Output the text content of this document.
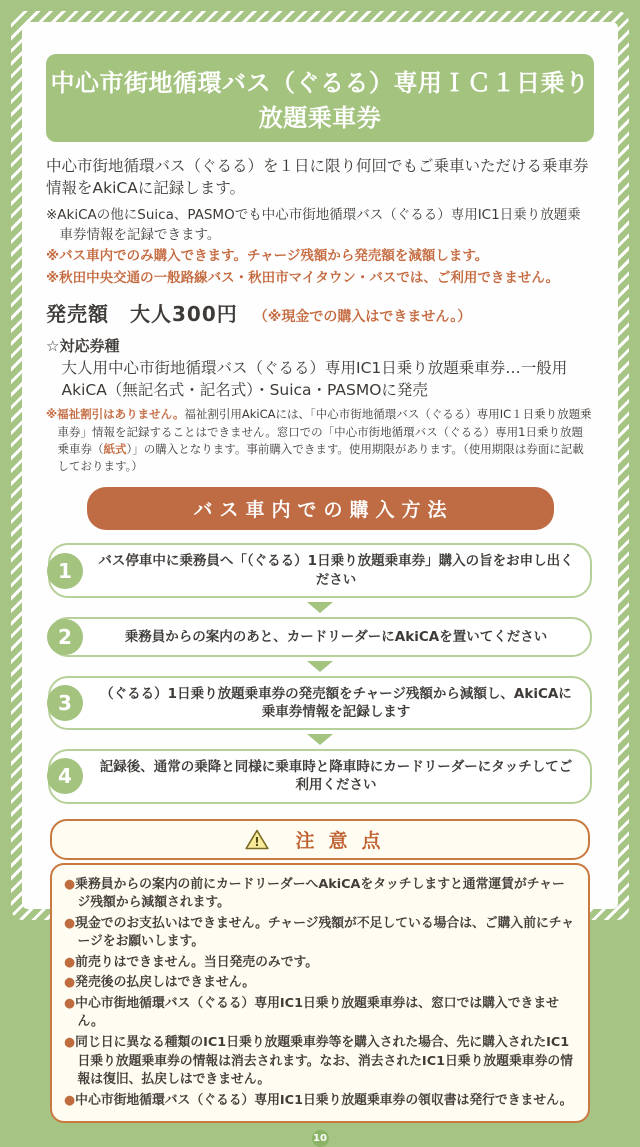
中心市街地循環バス（ぐるる）専用ＩＣ１日乗り放題乗車券

中心市街地循環バス（ぐるる）を１日に限り何回でもご乗車いただける乗車券情報をAkiCAに記録します。

※AkiCAの他にSuica、PASMOでも中心市街地循環バス（ぐるる）専用IC1日乗り放題乗車券情報を記録できます。

※バス車内でのみ購入できます。チャージ残額から発売額を減額します。

※秋田中央交通の一般路線バス・秋田市マイタウン・バスでは、ご利用できません。

発売額　大人300円 （※現金での購入はできません。）
☆対応券種

大人用中心市街地循環バス（ぐるる）専用IC1日乗り放題乗車券…一般用AkiCA（無記名式・記名式）・Suica・PASMOに発売

※福祉割引はありません。福祉割引用AkiCAには、「中心市街地循環バス（ぐるる）専用IC１日乗り放題乗車券」情報を記録することはできません。窓口での「中心市街地循環バス（ぐるる）専用1日乗り放題乗車券（紙式）」の購入となります。事前購入できます。使用期限があります。（使用期限は券面に記載しております。）

バス車内での購入方法
1	バス停車中に乗務員へ「（ぐるる）1日乗り放題乗車券」購入の旨をお申し出ください
2	乗務員からの案内のあと、カードリーダーにAkiCAを置いてください
3	（ぐるる）1日乗り放題乗車券の発売額をチャージ残額から減額し、AkiCAに乗車券情報を記録します
4	記録後、通常の乗降と同様に乗車時と降車時にカードリーダーにタッチしてご利用ください
!	注意点

●乗務員からの案内の前にカードリーダーへAkiCAをタッチしますと通常運賃がチャージ残額から減額されます。

●現金でのお支払いはできません。チャージ残額が不足している場合は、ご購入前にチャージをお願いします。

●前売りはできません。当日発売のみです。

●発売後の払戻しはできません。

●中心市街地循環バス（ぐるる）専用IC1日乗り放題乗車券は、窓口では購入できません。

●同じ日に異なる種類のIC1日乗り放題乗車券等を購入された場合、先に購入されたIC1日乗り放題乗車券の情報は消去されます。なお、消去されたIC1日乗り放題乗車券の情報は復旧、払戻しはできません。

●中心市街地循環バス（ぐるる）専用IC1日乗り放題乗車券の領収書は発行できません。

10
